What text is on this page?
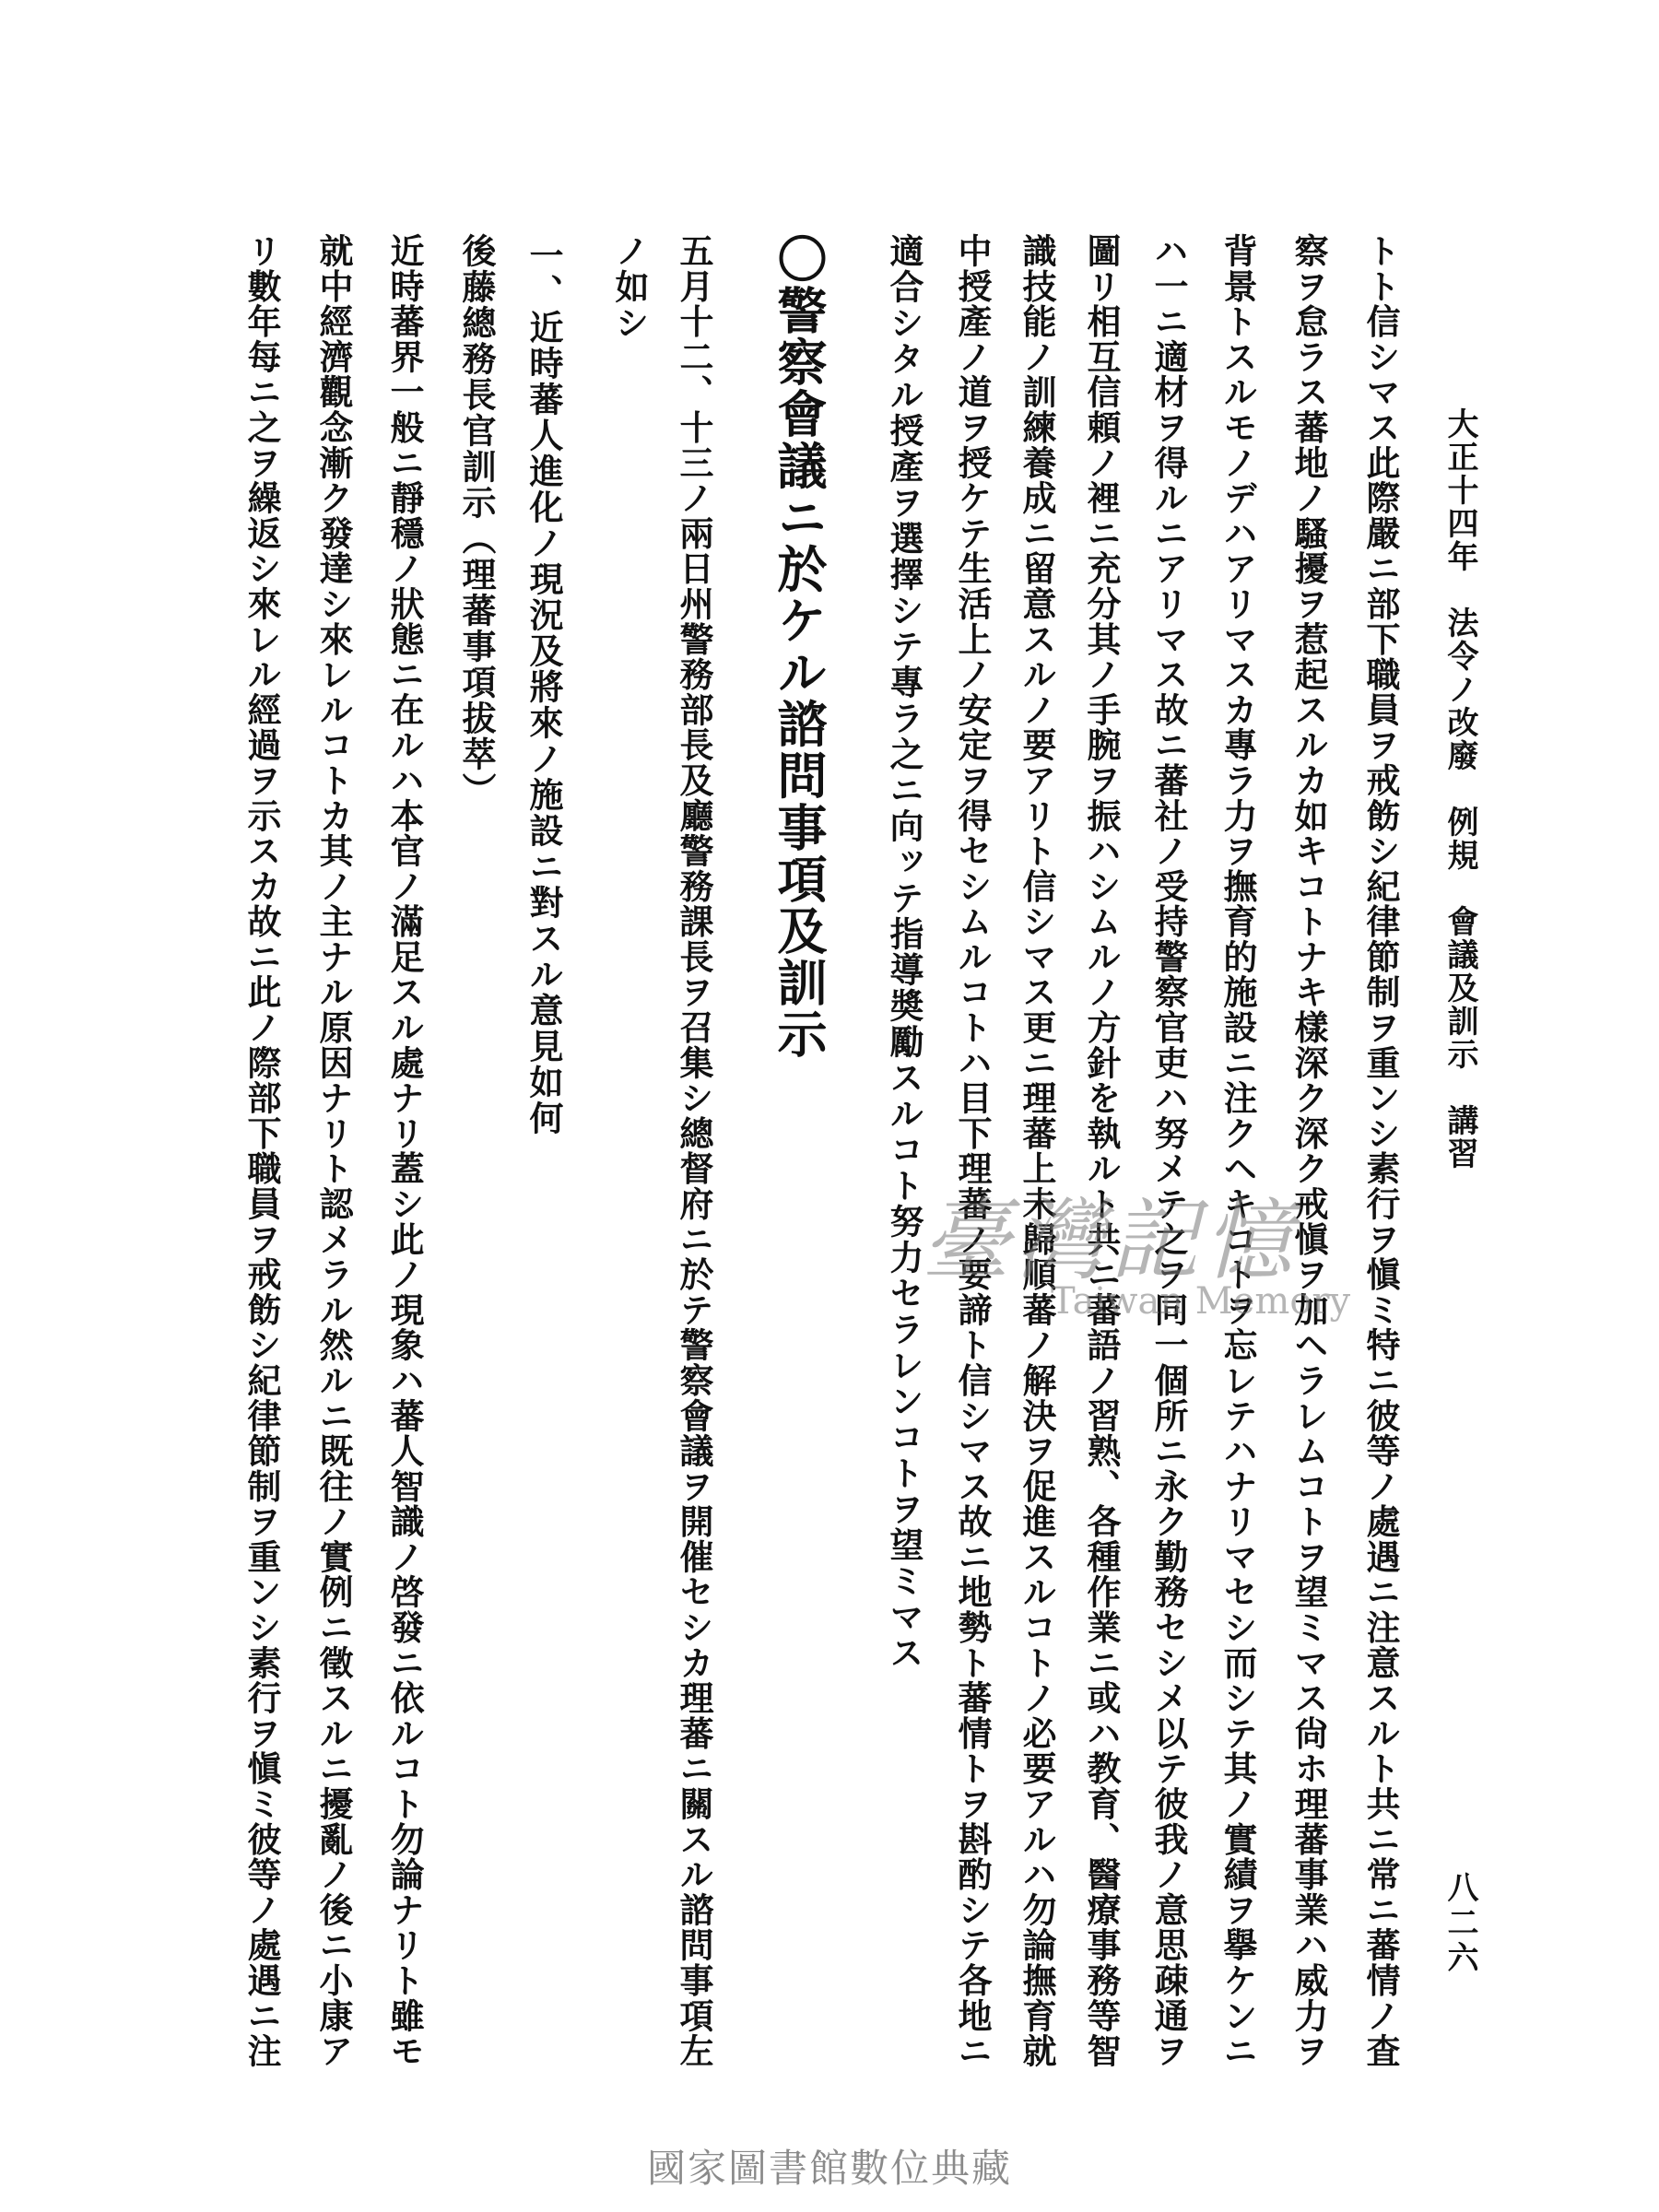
大正十四年　法令ノ改廢　例規　會議及訓示　講習
八二六
トト信シマス此際嚴ニ部下職員ヲ戒飭シ紀律節制ヲ重ンシ素行ヲ愼ミ特ニ彼等ノ處遇ニ注意スルト共ニ常ニ蕃情ノ査
察ヲ怠ラス蕃地ノ騷擾ヲ惹起スルカ如キコトナキ樣深ク深ク戒愼ヲ加ヘラレムコトヲ望ミマス尙ホ理蕃事業ハ威力ヲ
背景トスルモノデハアリマスカ專ラ力ヲ撫育的施設ニ注クヘキコトヲ忘レテハナリマセシ而シテ其ノ實績ヲ擧ケンニ
ハ一ニ適材ヲ得ルニアリマス故ニ蕃社ノ受持警察官吏ハ努メテ之ヲ同一個所ニ永ク勤務セシメ以テ彼我ノ意思疎通ヲ
圖リ相互信頼ノ裡ニ充分其ノ手腕ヲ振ハシムルノ方針を執ルト共ニ蕃語ノ習熟、各種作業ニ或ハ教育、醫療事務等智
識技能ノ訓練養成ニ留意スルノ要アリト信シマス更ニ理蕃上未歸順蕃ノ解決ヲ促進スルコトノ必要アルハ勿論撫育就
中授產ノ道ヲ授ケテ生活上ノ安定ヲ得セシムルコトハ目下理蕃ノ要諦ト信シマス故ニ地勢ト蕃情トヲ斟酌シテ各地ニ
適合シタル授產ヲ選擇シテ專ラ之ニ向ッテ指導奬勵スルコト努力セラレンコトヲ望ミマス
〇警察會議ニ於ケル諮問事項及訓示
五月十二、十三ノ兩日州警務部長及廳警務課長ヲ召集シ總督府ニ於テ警察會議ヲ開催セシカ理蕃ニ關スル諮問事項左
ノ如シ
一、近時蕃人進化ノ現況及將來ノ施設ニ對スル意見如何
後藤總務長官訓示（理蕃事項拔萃）
近時蕃界一般ニ靜穩ノ狀態ニ在ルハ本官ノ滿足スル處ナリ蓋シ此ノ現象ハ蕃人智識ノ啓發ニ依ルコト勿論ナリト雖モ
就中經濟觀念漸ク發達シ來レルコトカ其ノ主ナル原因ナリト認メラル然ルニ既往ノ實例ニ徵スルニ擾亂ノ後ニ小康ア
リ數年每ニ之ヲ繰返シ來レル經過ヲ示スカ故ニ此ノ際部下職員ヲ戒飭シ紀律節制ヲ重ンシ素行ヲ愼ミ彼等ノ處遇ニ注	臺灣記憶
Taiwan Memory
國家圖書館數位典藏
